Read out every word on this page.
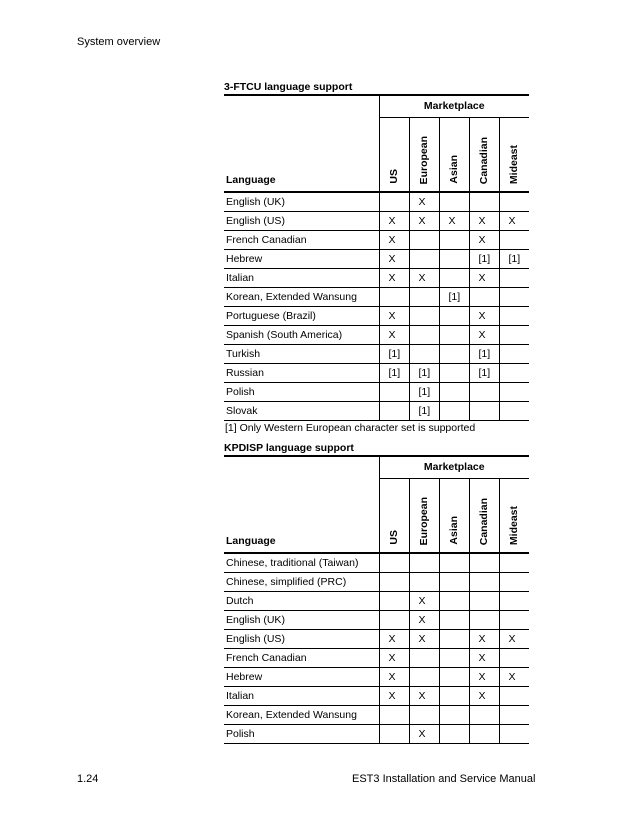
System overview
3-FTCU language support
Language	Marketplace				
	US	European	Asian	Canadian	Mideast
English (UK)		X			
English (US)	X	X	X	X	X
French Canadian	X			X	
Hebrew	X			[1]	[1]
Italian	X	X		X	
Korean, Extended Wansung			[1]		
Portuguese (Brazil)	X			X	
Spanish (South America)	X			X	
Turkish	[1]			[1]	
Russian	[1]	[1]		[1]	
Polish		[1]			
Slovak		[1]			
[1] Only Western European character set is supported					
KPDISP language support
Language	Marketplace				
	US	European	Asian	Canadian	Mideast
Chinese, traditional (Taiwan)					
Chinese, simplified (PRC)					
Dutch		X			
English (UK)		X			
English (US)	X	X		X	X
French Canadian	X			X	
Hebrew	X			X	X
Italian	X	X		X	
Korean, Extended Wansung					
Polish		X			
1.24	EST3 Installation and Service Manual
